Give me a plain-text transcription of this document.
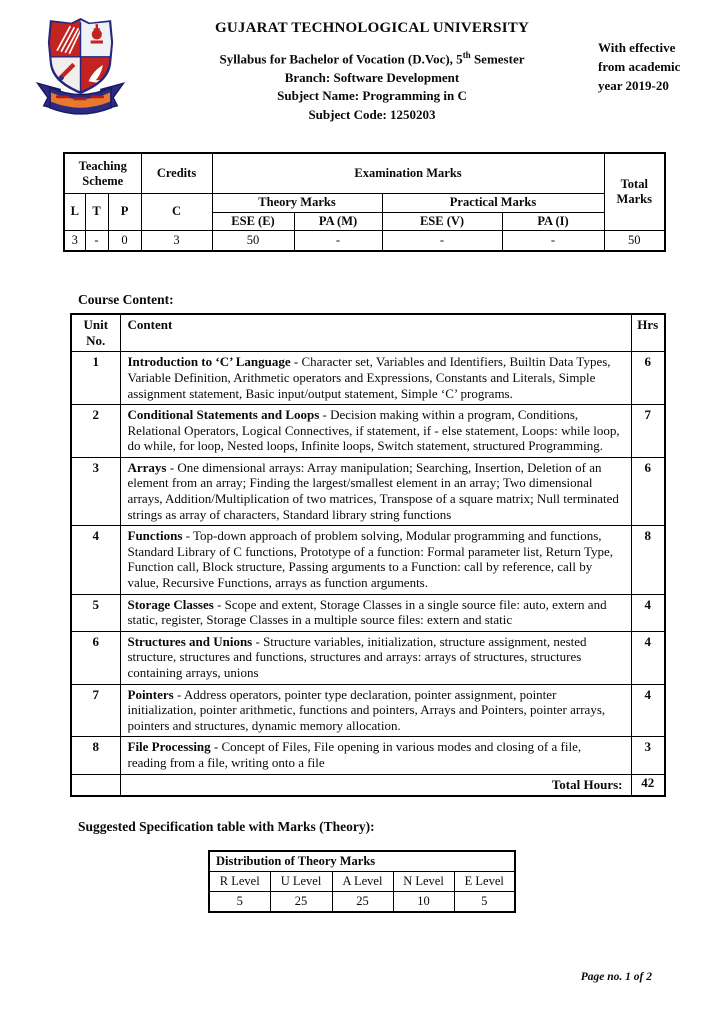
GUJARAT TECHNOLOGICAL UNIVERSITY
Syllabus for Bachelor of Vocation (D.Voc), 5th Semester
Branch: Software Development
Subject Name: Programming in C
Subject Code: 1250203
With effective from academic year 2019-20
Teaching Scheme			Credits	Examination Marks				Total Marks
L	T	P	C	Theory Marks		Practical Marks		
				ESE (E)	PA (M)	ESE (V)	PA (I)	
3	-	0	3	50	-	-	-	50
Course Content:
Unit
No.	Content	Hrs
1	Introduction to ‘C’ Language - Character set, Variables and Identifiers, Builtin Data Types, Variable Definition, Arithmetic operators and Expressions, Constants and Literals, Simple assignment statement, Basic input/output statement, Simple ‘C’ programs.	6
2	Conditional Statements and Loops - Decision making within a program, Conditions, Relational Operators, Logical Connectives, if statement, if - else statement, Loops: while loop, do while, for loop, Nested loops, Infinite loops, Switch statement, structured Programming.	7
3	Arrays - One dimensional arrays: Array manipulation; Searching, Insertion, Deletion of an element from an array; Finding the largest/smallest element in an array; Two dimensional arrays, Addition/Multiplication of two matrices, Transpose of a square matrix; Null terminated strings as array of characters, Standard library string functions	6
4	Functions - Top-down approach of problem solving, Modular programming and functions, Standard Library of C functions, Prototype of a function: Formal parameter list, Return Type, Function call, Block structure, Passing arguments to a Function: call by reference, call by value, Recursive Functions, arrays as function arguments.	8
5	Storage Classes - Scope and extent, Storage Classes in a single source file: auto, extern and static, register, Storage Classes in a multiple source files: extern and static	4
6	Structures and Unions - Structure variables, initialization, structure assignment, nested structure, structures and functions, structures and arrays: arrays of structures, structures containing arrays, unions	4
7	Pointers - Address operators, pointer type declaration, pointer assignment, pointer initialization, pointer arithmetic, functions and pointers, Arrays and Pointers, pointer arrays, pointers and structures, dynamic memory allocation.	4
8	File Processing - Concept of Files, File opening in various modes and closing of a file, reading from a file, writing onto a file	3
	Total Hours:	42
Suggested Specification table with Marks (Theory):
Distribution of Theory Marks				
R Level	U Level	A Level	N Level	E Level
5	25	25	10	5
Page no. 1 of 2
